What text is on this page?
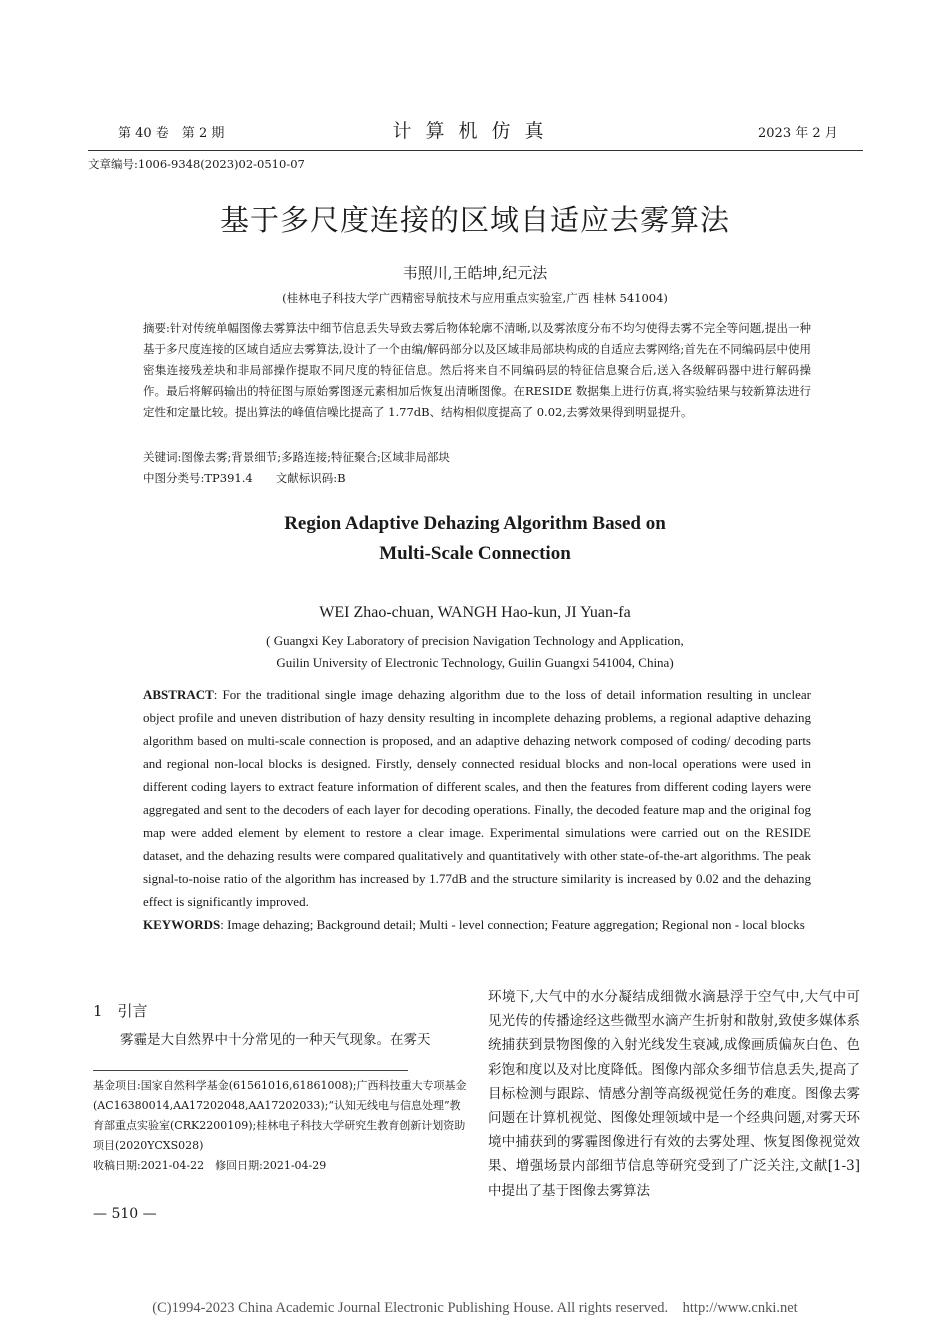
第 40 卷　第 2 期	计算机仿真	2023 年 2 月
文章编号:1006-9348(2023)02-0510-07
基于多尺度连接的区域自适应去雾算法
韦照川,王皓坤,纪元法
(桂林电子科技大学广西精密导航技术与应用重点实验室,广西 桂林 541004)
摘要:针对传统单幅图像去雾算法中细节信息丢失导致去雾后物体轮廓不清晰,以及雾浓度分布不均匀使得去雾不完全等问题,提出一种基于多尺度连接的区域自适应去雾算法,设计了一个由编/解码部分以及区域非局部块构成的自适应去雾网络;首先在不同编码层中使用密集连接残差块和非局部操作提取不同尺度的特征信息。然后将来自不同编码层的特征信息聚合后,送入各级解码器中进行解码操作。最后将解码输出的特征图与原始雾图逐元素相加后恢复出清晰图像。在RESIDE 数据集上进行仿真,将实验结果与较新算法进行定性和定量比较。提出算法的峰值信噪比提高了 1.77dB、结构相似度提高了 0.02,去雾效果得到明显提升。
关键词:图像去雾;背景细节;多路连接;特征聚合;区域非局部块
中图分类号:TP391.4　　文献标识码:B
Region Adaptive Dehazing Algorithm Based on
Multi-Scale Connection
WEI Zhao-chuan, WANGH Hao-kun, JI Yuan-fa
( Guangxi Key Laboratory of precision Navigation Technology and Application,
Guilin University of Electronic Technology, Guilin Guangxi 541004, China)
ABSTRACT: For the traditional single image dehazing algorithm due to the loss of detail information resulting in unclear object profile and uneven distribution of hazy density resulting in incomplete dehazing problems, a regional adaptive dehazing algorithm based on multi-scale connection is proposed, and an adaptive dehazing network composed of coding/ decoding parts and regional non-local blocks is designed. Firstly, densely connected residual blocks and non-local operations were used in different coding layers to extract feature information of different scales, and then the features from different coding layers were aggregated and sent to the decoders of each layer for decoding operations. Finally, the decoded feature map and the original fog map were added element by element to restore a clear image. Experimental simulations were carried out on the RESIDE dataset, and the dehazing results were compared qualitatively and quantitatively with other state-of-the-art algorithms. The peak signal-to-noise ratio of the algorithm has increased by 1.77dB and the structure similarity is increased by 0.02 and the dehazing effect is significantly improved.
KEYWORDS: Image dehazing; Background detail; Multi - level connection; Feature aggregation; Regional non - local blocks
1　引言
雾霾是大自然界中十分常见的一种天气现象。在雾天
基金项目:国家自然科学基金(61561016,61861008);广西科技重大专项基金(AC16380014,AA17202048,AA17202033);“认知无线电与信息处理”教育部重点实验室(CRK2200109);桂林电子科技大学研究生教育创新计划资助项目(2020YCXS028)
收稿日期:2021-04-22　修回日期:2021-04-29
— 510 —
环境下,大气中的水分凝结成细微水滴悬浮于空气中,大气中可见光传的传播途经这些微型水滴产生折射和散射,致使多媒体系统捕获到景物图像的入射光线发生衰减,成像画质偏灰白色、色彩饱和度以及对比度降低。图像内部众多细节信息丢失,提高了目标检测与跟踪、情感分割等高级视觉任务的难度。图像去雾问题在计算机视觉、图像处理领域中是一个经典问题,对雾天环境中捕获到的雾霾图像进行有效的去雾处理、恢复图像视觉效果、增强场景内部细节信息等研究受到了广泛关注,文献[1-3]中提出了基于图像去雾算法
(C)1994-2023 China Academic Journal Electronic Publishing House. All rights reserved.　http://www.cnki.net
